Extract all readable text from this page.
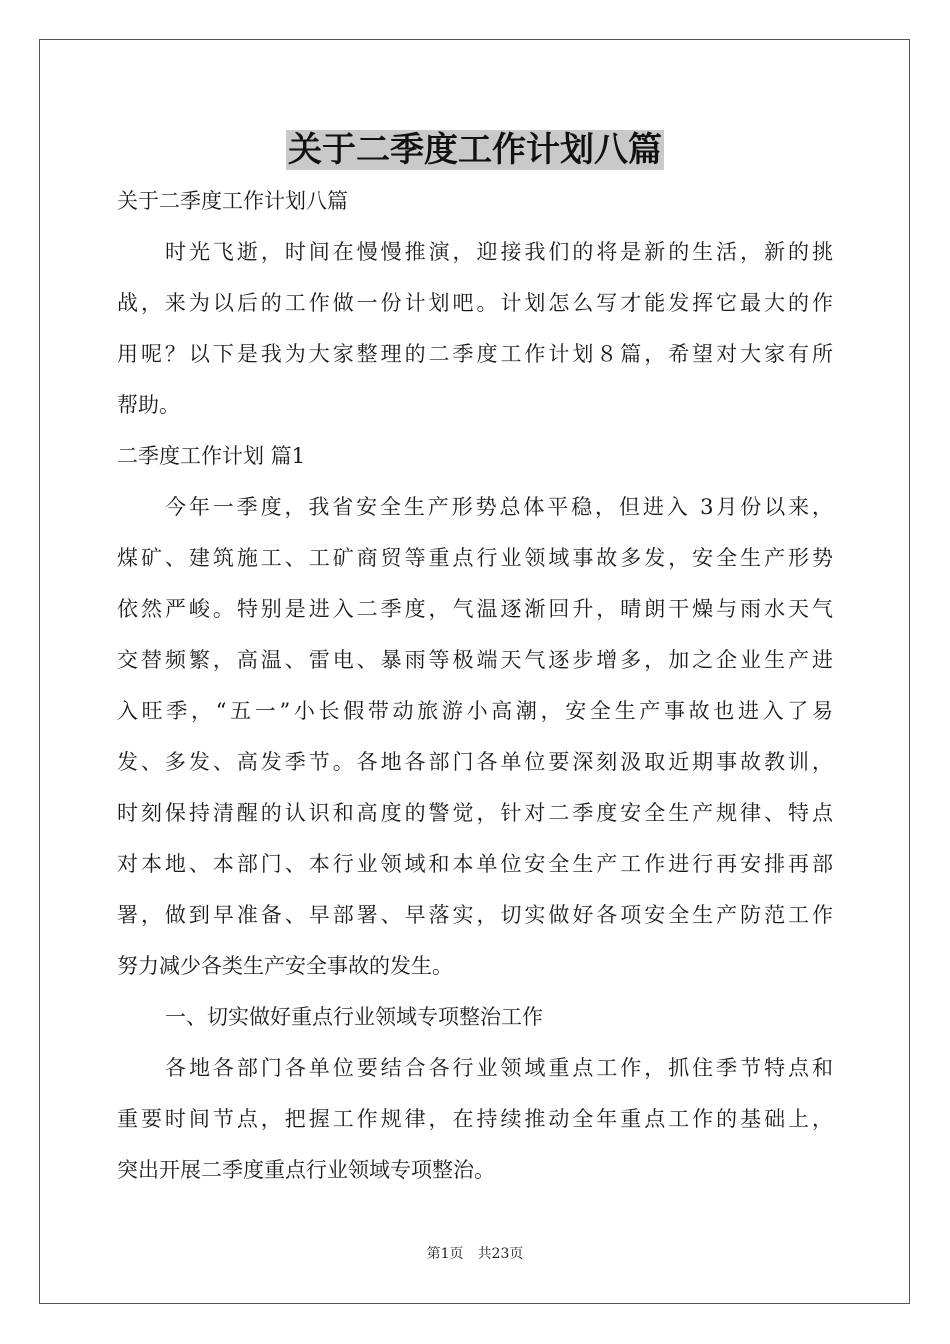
关于二季度工作计划八篇
关于二季度工作计划八篇
时光飞逝，时间在慢慢推演，迎接我们的将是新的生活，新的挑
战，来为以后的工作做一份计划吧。计划怎么写才能发挥它最大的作
用呢？以下是我为大家整理的二季度工作计划８篇，希望对大家有所
帮助。
二季度工作计划 篇1
今年一季度，我省安全生产形势总体平稳，但进入 3月份以来，
煤矿、建筑施工、工矿商贸等重点行业领域事故多发，安全生产形势
依然严峻。特别是进入二季度，气温逐渐回升，晴朗干燥与雨水天气
交替频繁，高温、雷电、暴雨等极端天气逐步增多，加之企业生产进
入旺季，“五一”小长假带动旅游小高潮，安全生产事故也进入了易
发、多发、高发季节。各地各部门各单位要深刻汲取近期事故教训，
时刻保持清醒的认识和高度的警觉，针对二季度安全生产规律、特点
对本地、本部门、本行业领域和本单位安全生产工作进行再安排再部
署，做到早准备、早部署、早落实，切实做好各项安全生产防范工作
努力减少各类生产安全事故的发生。
一、切实做好重点行业领域专项整治工作
各地各部门各单位要结合各行业领域重点工作，抓住季节特点和
重要时间节点，把握工作规律，在持续推动全年重点工作的基础上，
突出开展二季度重点行业领域专项整治。
第1页　共23页
